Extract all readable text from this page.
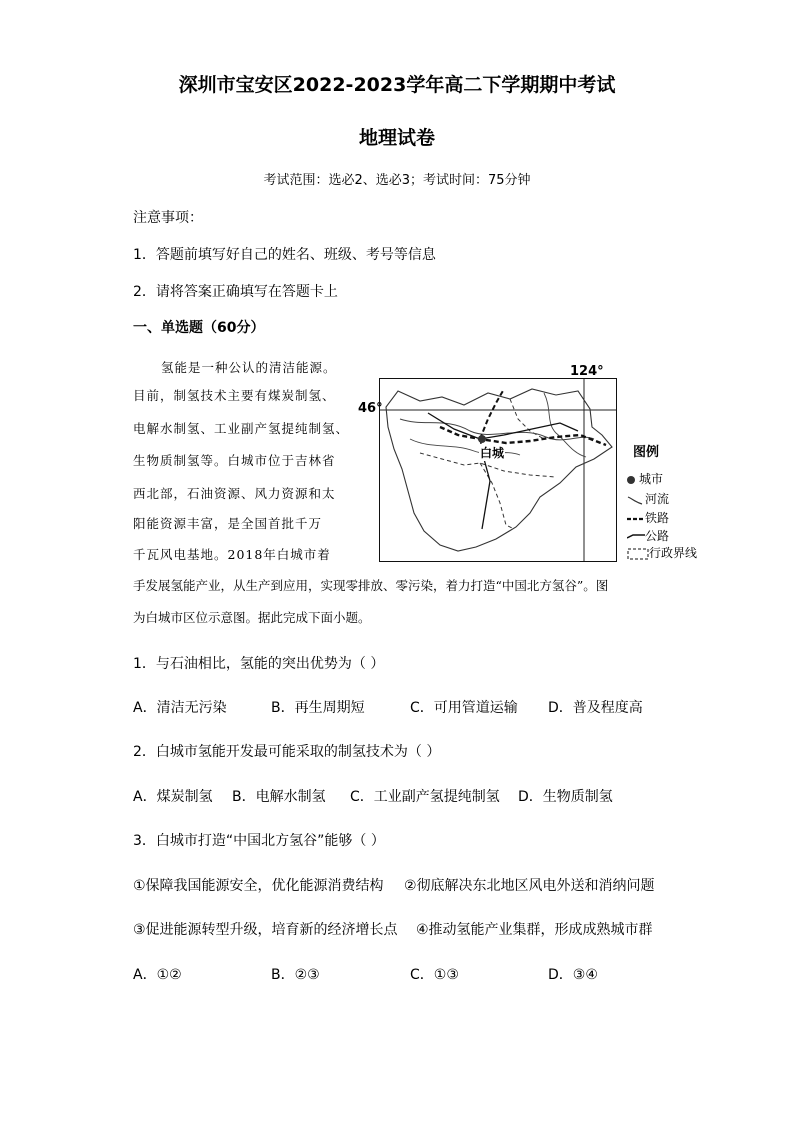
深圳市宝安区2022-2023学年高二下学期期中考试
地理试卷
考试范围：选必2、选必3；考试时间：75分钟
注意事项：
1．答题前填写好自己的姓名、班级、考号等信息
2．请将答案正确填写在答题卡上
一、单选题（60分）
氢能是一种公认的清洁能源。
目前，制氢技术主要有煤炭制氢、
电解水制氢、工业副产氢提纯制氢、
生物质制氢等。白城市位于吉林省
西北部，石油资源、风力资源和太
阳能资源丰富，是全国首批千万
千瓦风电基地。2018年白城市着
手发展氢能产业，从生产到应用，实现零排放、零污染，着力打造“中国北方氢谷”。图
为白城市区位示意图。据此完成下面小题。
124°
46°
白城	图例
城市
河流
铁路
公路
行政界线
1．与石油相比，氢能的突出优势为（ ）
A．清洁无污染	B．再生周期短	C．可用管道运输 D．普及程度高
2．白城市氢能开发最可能采取的制氢技术为（ ）
A．煤炭制氢 B．电解水制氢 C．工业副产氢提纯制氢 D．生物质制氢
3．白城市打造“中国北方氢谷”能够（ ）
①保障我国能源安全，优化能源消费结构 ②彻底解决东北地区风电外送和消纳问题
③促进能源转型升级，培育新的经济增长点 ④推动氢能产业集群，形成成熟城市群
A．①②	B．②③	C．①③	D．③④
